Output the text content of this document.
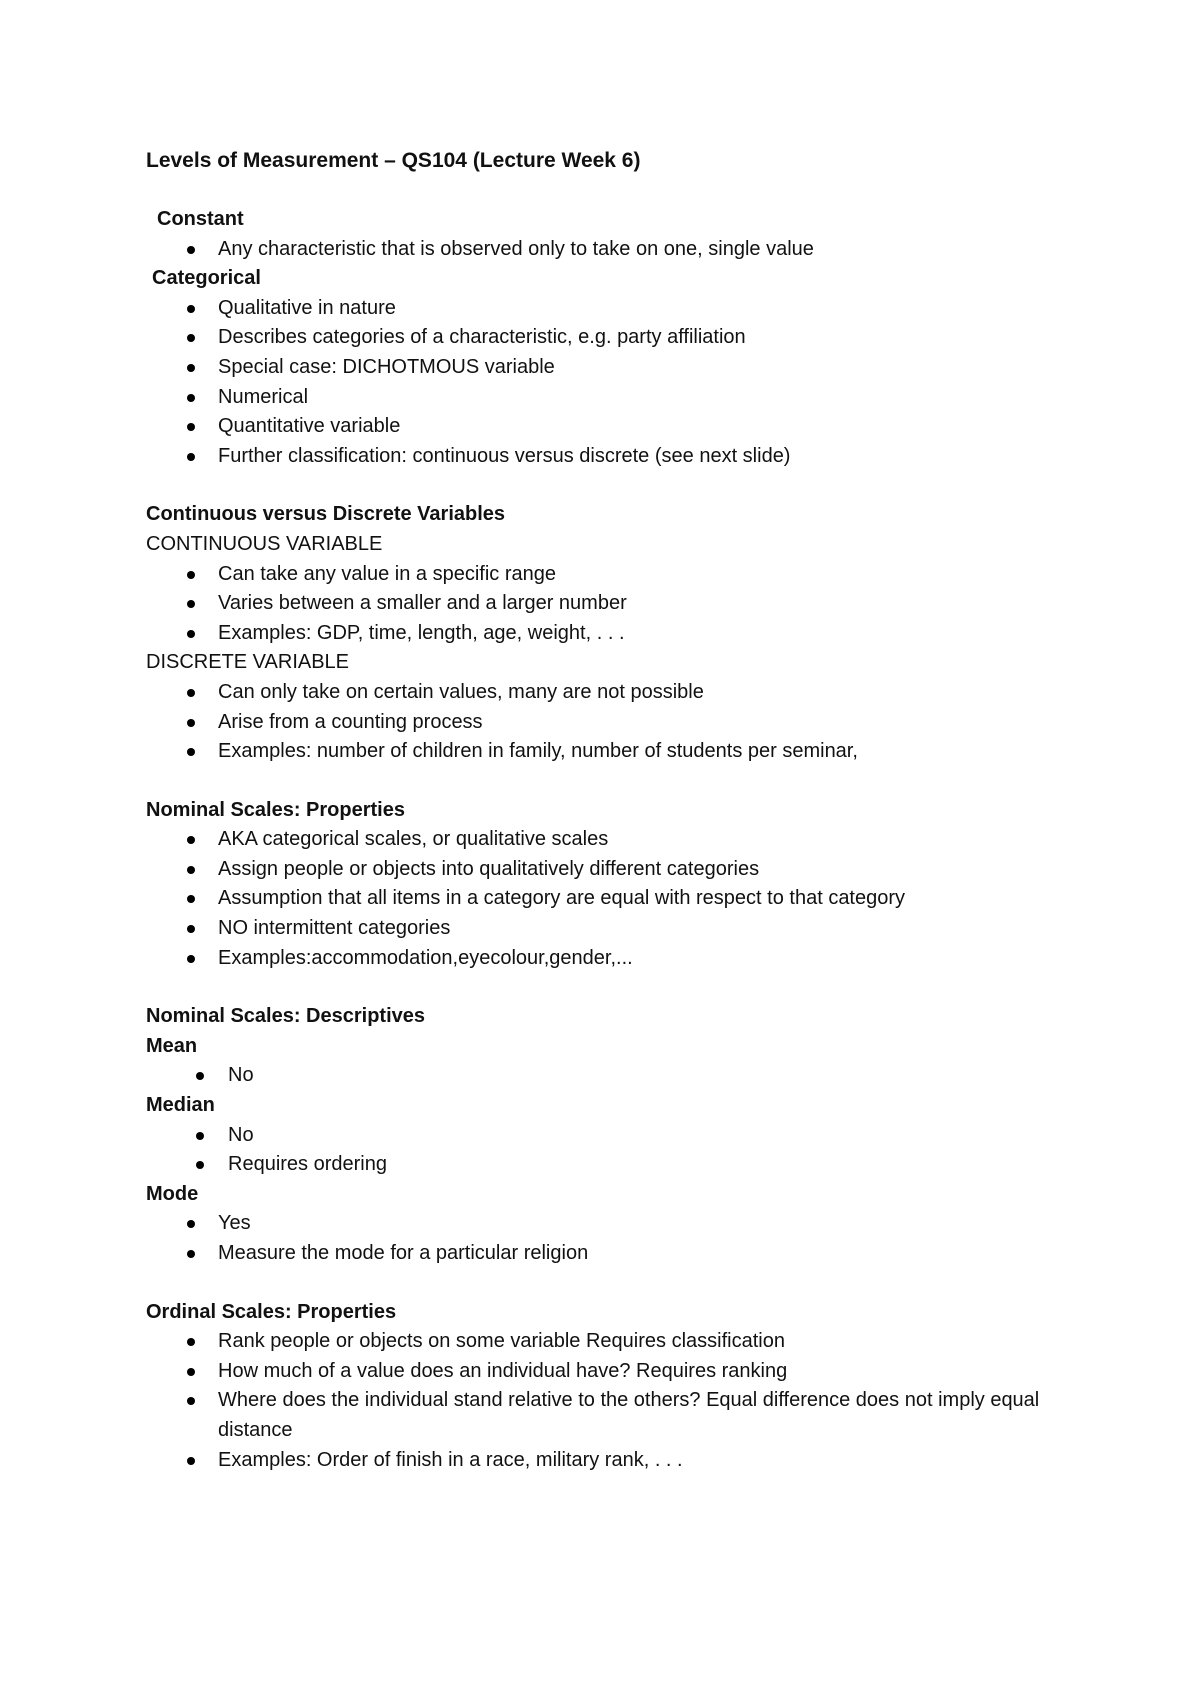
Levels of Measurement – QS104 (Lecture Week 6)
Constant
Any characteristic that is observed only to take on one, single value
Categorical
Qualitative in nature
Describes categories of a characteristic, e.g. party affiliation
Special case: DICHOTMOUS variable
Numerical
Quantitative variable
Further classification: continuous versus discrete (see next slide)
Continuous versus Discrete Variables
CONTINUOUS VARIABLE
Can take any value in a specific range
Varies between a smaller and a larger number
Examples: GDP, time, length, age, weight, . . .
DISCRETE VARIABLE
Can only take on certain values, many are not possible
Arise from a counting process
Examples: number of children in family, number of students per seminar,
Nominal Scales: Properties
AKA categorical scales, or qualitative scales
Assign people or objects into qualitatively different categories
Assumption that all items in a category are equal with respect to that category
NO intermittent categories
Examples:accommodation,eyecolour,gender,...
Nominal Scales: Descriptives
Mean
No
Median
No
Requires ordering
Mode
Yes
Measure the mode for a particular religion
Ordinal Scales: Properties
Rank people or objects on some variable Requires classification
How much of a value does an individual have? Requires ranking
Where does the individual stand relative to the others? Equal difference does not imply equal distance
Examples: Order of finish in a race, military rank, . . .
